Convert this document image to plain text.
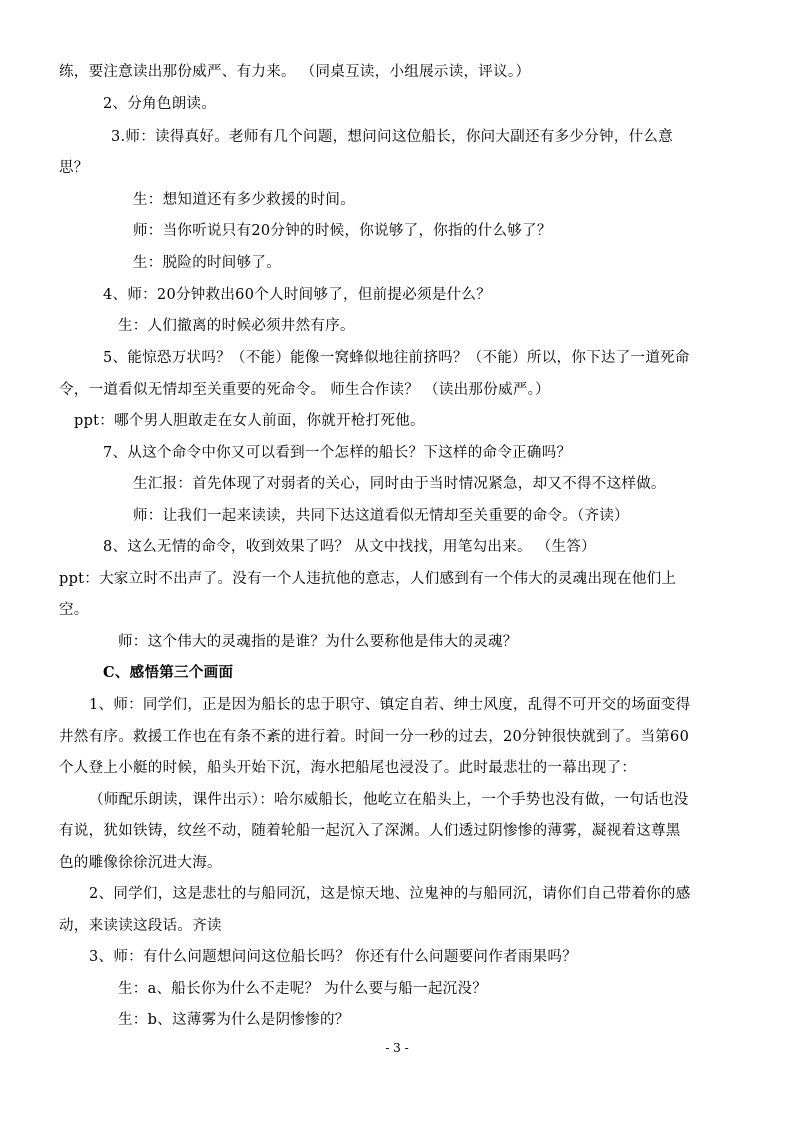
练，要注意读出那份威严、有力来。 （同桌互读，小组展示读，评议。）
2、分角色朗读。
3.师：读得真好。老师有几个问题，想问问这位船长，你问大副还有多少分钟，什么意
思？
生：想知道还有多少救援的时间。
师：当你听说只有20分钟的时候，你说够了，你指的什么够了？
生：脱险的时间够了。
4、师：20分钟救出60个人时间够了，但前提必须是什么？
生：人们撤离的时候必须井然有序。
5、能惊恐万状吗？（不能）能像一窝蜂似地往前挤吗？（不能）所以，你下达了一道死命
令，一道看似无情却至关重要的死命令。 师生合作读？ （读出那份威严。）
ppt：哪个男人胆敢走在女人前面，你就开枪打死他。
7、从这个命令中你又可以看到一个怎样的船长？下这样的命令正确吗？
生汇报：首先体现了对弱者的关心，同时由于当时情况紧急，却又不得不这样做。
师：让我们一起来读读，共同下达这道看似无情却至关重要的命令。（齐读）
8、这么无情的命令，收到效果了吗？ 从文中找找，用笔勾出来。 （生答）
ppt：大家立时不出声了。没有一个人违抗他的意志，人们感到有一个伟大的灵魂出现在他们上
空。
师：这个伟大的灵魂指的是谁？为什么要称他是伟大的灵魂？
C、感悟第三个画面
1、师：同学们，正是因为船长的忠于职守、镇定自若、绅士风度，乱得不可开交的场面变得
井然有序。救援工作也在有条不紊的进行着。时间一分一秒的过去，20分钟很快就到了。当第60
个人登上小艇的时候，船头开始下沉，海水把船尾也浸没了。此时最悲壮的一幕出现了：
（师配乐朗读，课件出示）：哈尔威船长，他屹立在船头上，一个手势也没有做，一句话也没
有说，犹如铁铸，纹丝不动，随着轮船一起沉入了深渊。人们透过阴惨惨的薄雾，凝视着这尊黑
色的雕像徐徐沉进大海。
2、同学们，这是悲壮的与船同沉，这是惊天地、泣鬼神的与船同沉，请你们自己带着你的感
动，来读读这段话。齐读
3、师：有什么问题想问问这位船长吗？ 你还有什么问题要问作者雨果吗？
生：a、船长你为什么不走呢？ 为什么要与船一起沉没？
生：b、这薄雾为什么是阴惨惨的？
- 3 -
